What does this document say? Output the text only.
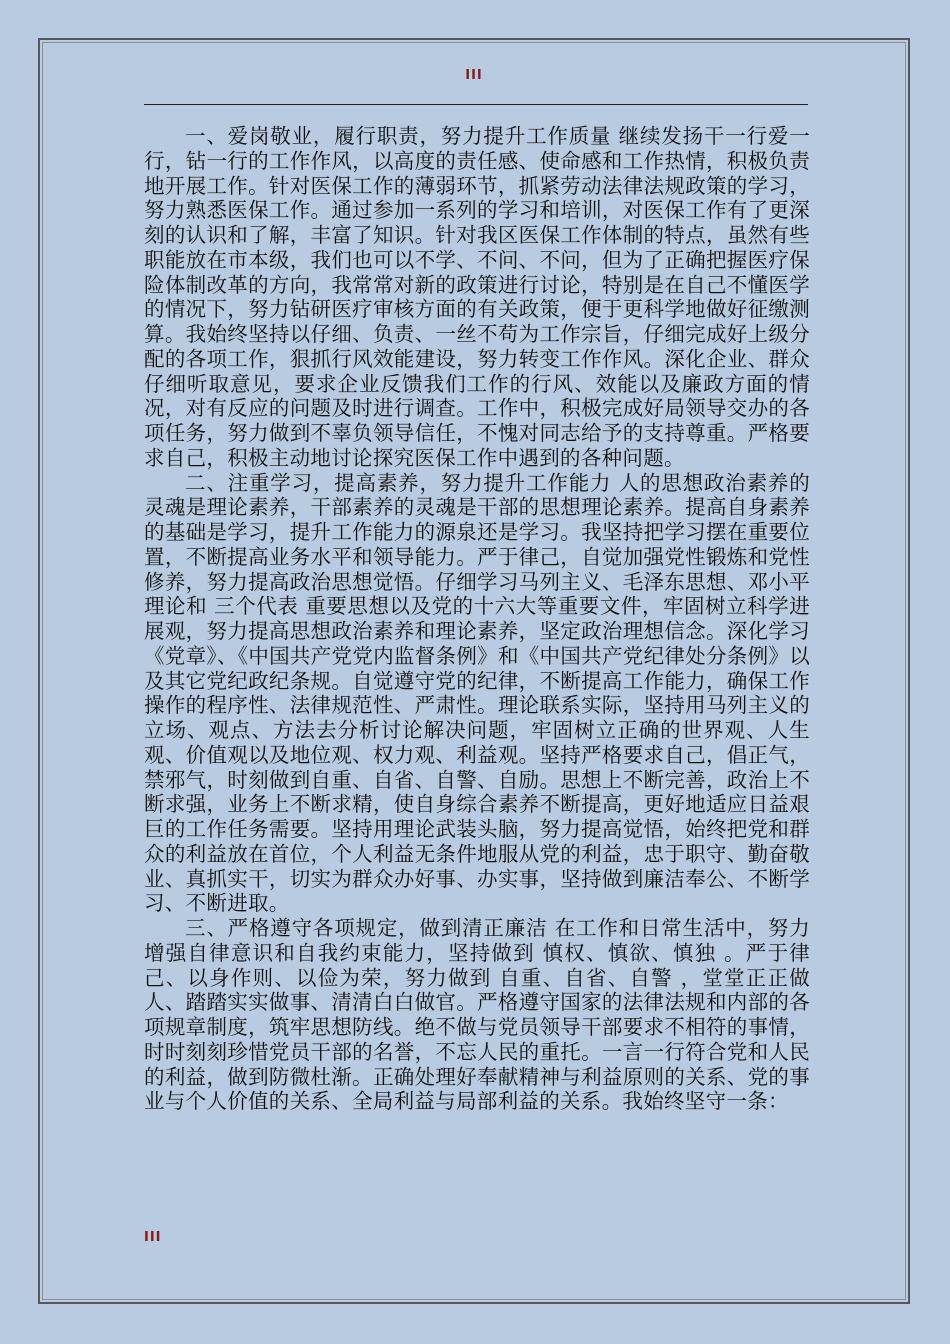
III

一、爱岗敬业，履行职责，努力提升工作质量 继续发扬干一行爱一行，钻一行的工作作风，以高度的责任感、使命感和工作热情，积极负责地开展工作。针对医保工作的薄弱环节，抓紧劳动法律法规政策的学习，努力熟悉医保工作。通过参加一系列的学习和培训，对医保工作有了更深刻的认识和了解，丰富了知识。针对我区医保工作体制的特点，虽然有些职能放在市本级，我们也可以不学、不问、不问，但为了正确把握医疗保险体制改革的方向，我常常对新的政策进行讨论，特别是在自己不懂医学的情况下，努力钻研医疗审核方面的有关政策，便于更科学地做好征缴测算。我始终坚持以仔细、负责、一丝不苟为工作宗旨，仔细完成好上级分配的各项工作，狠抓行风效能建设，努力转变工作作风。深化企业、群众仔细听取意见，要求企业反馈我们工作的行风、效能以及廉政方面的情况，对有反应的问题及时进行调查。工作中，积极完成好局领导交办的各项任务，努力做到不辜负领导信任，不愧对同志给予的支持尊重。严格要求自己，积极主动地讨论探究医保工作中遇到的各种问题。

二、注重学习，提高素养，努力提升工作能力 人的思想政治素养的灵魂是理论素养，干部素养的灵魂是干部的思想理论素养。提高自身素养的基础是学习，提升工作能力的源泉还是学习。我坚持把学习摆在重要位置，不断提高业务水平和领导能力。严于律己，自觉加强党性锻炼和党性修养，努力提高政治思想觉悟。仔细学习马列主义、毛泽东思想、邓小平理论和 三个代表 重要思想以及党的十六大等重要文件，牢固树立科学进展观，努力提高思想政治素养和理论素养，坚定政治理想信念。深化学习《党章》、《中国共产党党内监督条例》和《中国共产党纪律处分条例》以及其它党纪政纪条规。自觉遵守党的纪律，不断提高工作能力，确保工作操作的程序性、法律规范性、严肃性。理论联系实际，坚持用马列主义的立场、观点、方法去分析讨论解决问题，牢固树立正确的世界观、人生观、价值观以及地位观、权力观、利益观。坚持严格要求自己，倡正气，禁邪气，时刻做到自重、自省、自警、自励。思想上不断完善，政治上不断求强，业务上不断求精，使自身综合素养不断提高，更好地适应日益艰巨的工作任务需要。坚持用理论武装头脑，努力提高觉悟，始终把党和群众的利益放在首位，个人利益无条件地服从党的利益，忠于职守、勤奋敬业、真抓实干，切实为群众办好事、办实事，坚持做到廉洁奉公、不断学习、不断进取。

三、严格遵守各项规定，做到清正廉洁 在工作和日常生活中，努力增强自律意识和自我约束能力，坚持做到 慎权、慎欲、慎独 。严于律己、以身作则、以俭为荣，努力做到 自重、自省、自警 ，堂堂正正做人、踏踏实实做事、清清白白做官。严格遵守国家的法律法规和内部的各项规章制度，筑牢思想防线。绝不做与党员领导干部要求不相符的事情，时时刻刻珍惜党员干部的名誉，不忘人民的重托。一言一行符合党和人民的利益，做到防微杜渐。正确处理好奉献精神与利益原则的关系、党的事业与个人价值的关系、全局利益与局部利益的关系。我始终坚守一条：

III
